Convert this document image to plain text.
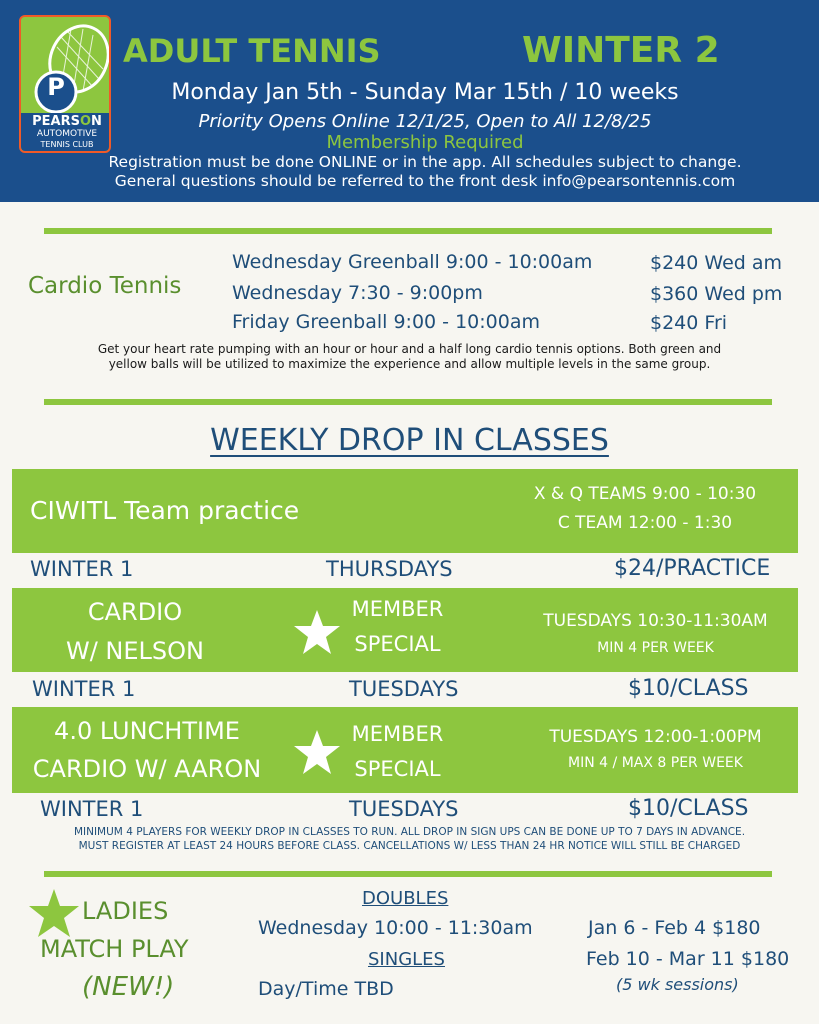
P
PEARSON
AUTOMOTIVE
TENNIS CLUB
ADULT TENNIS	WINTER 2
Monday Jan 5th - Sunday Mar 15th / 10 weeks
Priority Opens Online 12/1/25, Open to All 12/8/25
Membership Required
Registration must be done ONLINE or in the app. All schedules subject to change.
General questions should be referred to the front desk info@pearsontennis.com
Cardio Tennis
Wednesday Greenball 9:00 - 10:00am	$240 Wed am
Wednesday 7:30 - 9:00pm	$360 Wed pm
Friday Greenball 9:00 - 10:00am	$240 Fri
Get your heart rate pumping with an hour or hour and a half long cardio tennis options. Both green and
yellow balls will be utilized to maximize the experience and allow multiple levels in the same group.
WEEKLY DROP IN CLASSES
CIWITL Team practice
X & Q TEAMS 9:00 - 10:30
C TEAM 12:00 - 1:30
WINTER 1	THURSDAYS	$24/PRACTICE
CARDIO
W/ NELSON
MEMBER
SPECIAL
TUESDAYS 10:30-11:30AM
MIN 4 PER WEEK
WINTER 1	TUESDAYS	$10/CLASS
4.0 LUNCHTIME
CARDIO W/ AARON
MEMBER
SPECIAL
TUESDAYS 12:00-1:00PM
MIN 4 / MAX 8 PER WEEK
WINTER 1	TUESDAYS	$10/CLASS
MINIMUM 4 PLAYERS FOR WEEKLY DROP IN CLASSES TO RUN. ALL DROP IN SIGN UPS CAN BE DONE UP TO 7 DAYS IN ADVANCE.
MUST REGISTER AT LEAST 24 HOURS BEFORE CLASS. CANCELLATIONS W/ LESS THAN 24 HR NOTICE WILL STILL BE CHARGED
LADIES
MATCH PLAY
(NEW!)
DOUBLES
Wednesday 10:00 - 11:30am
SINGLES
Day/Time TBD
Jan 6 - Feb 4 $180
Feb 10 - Mar 11 $180
(5 wk sessions)
